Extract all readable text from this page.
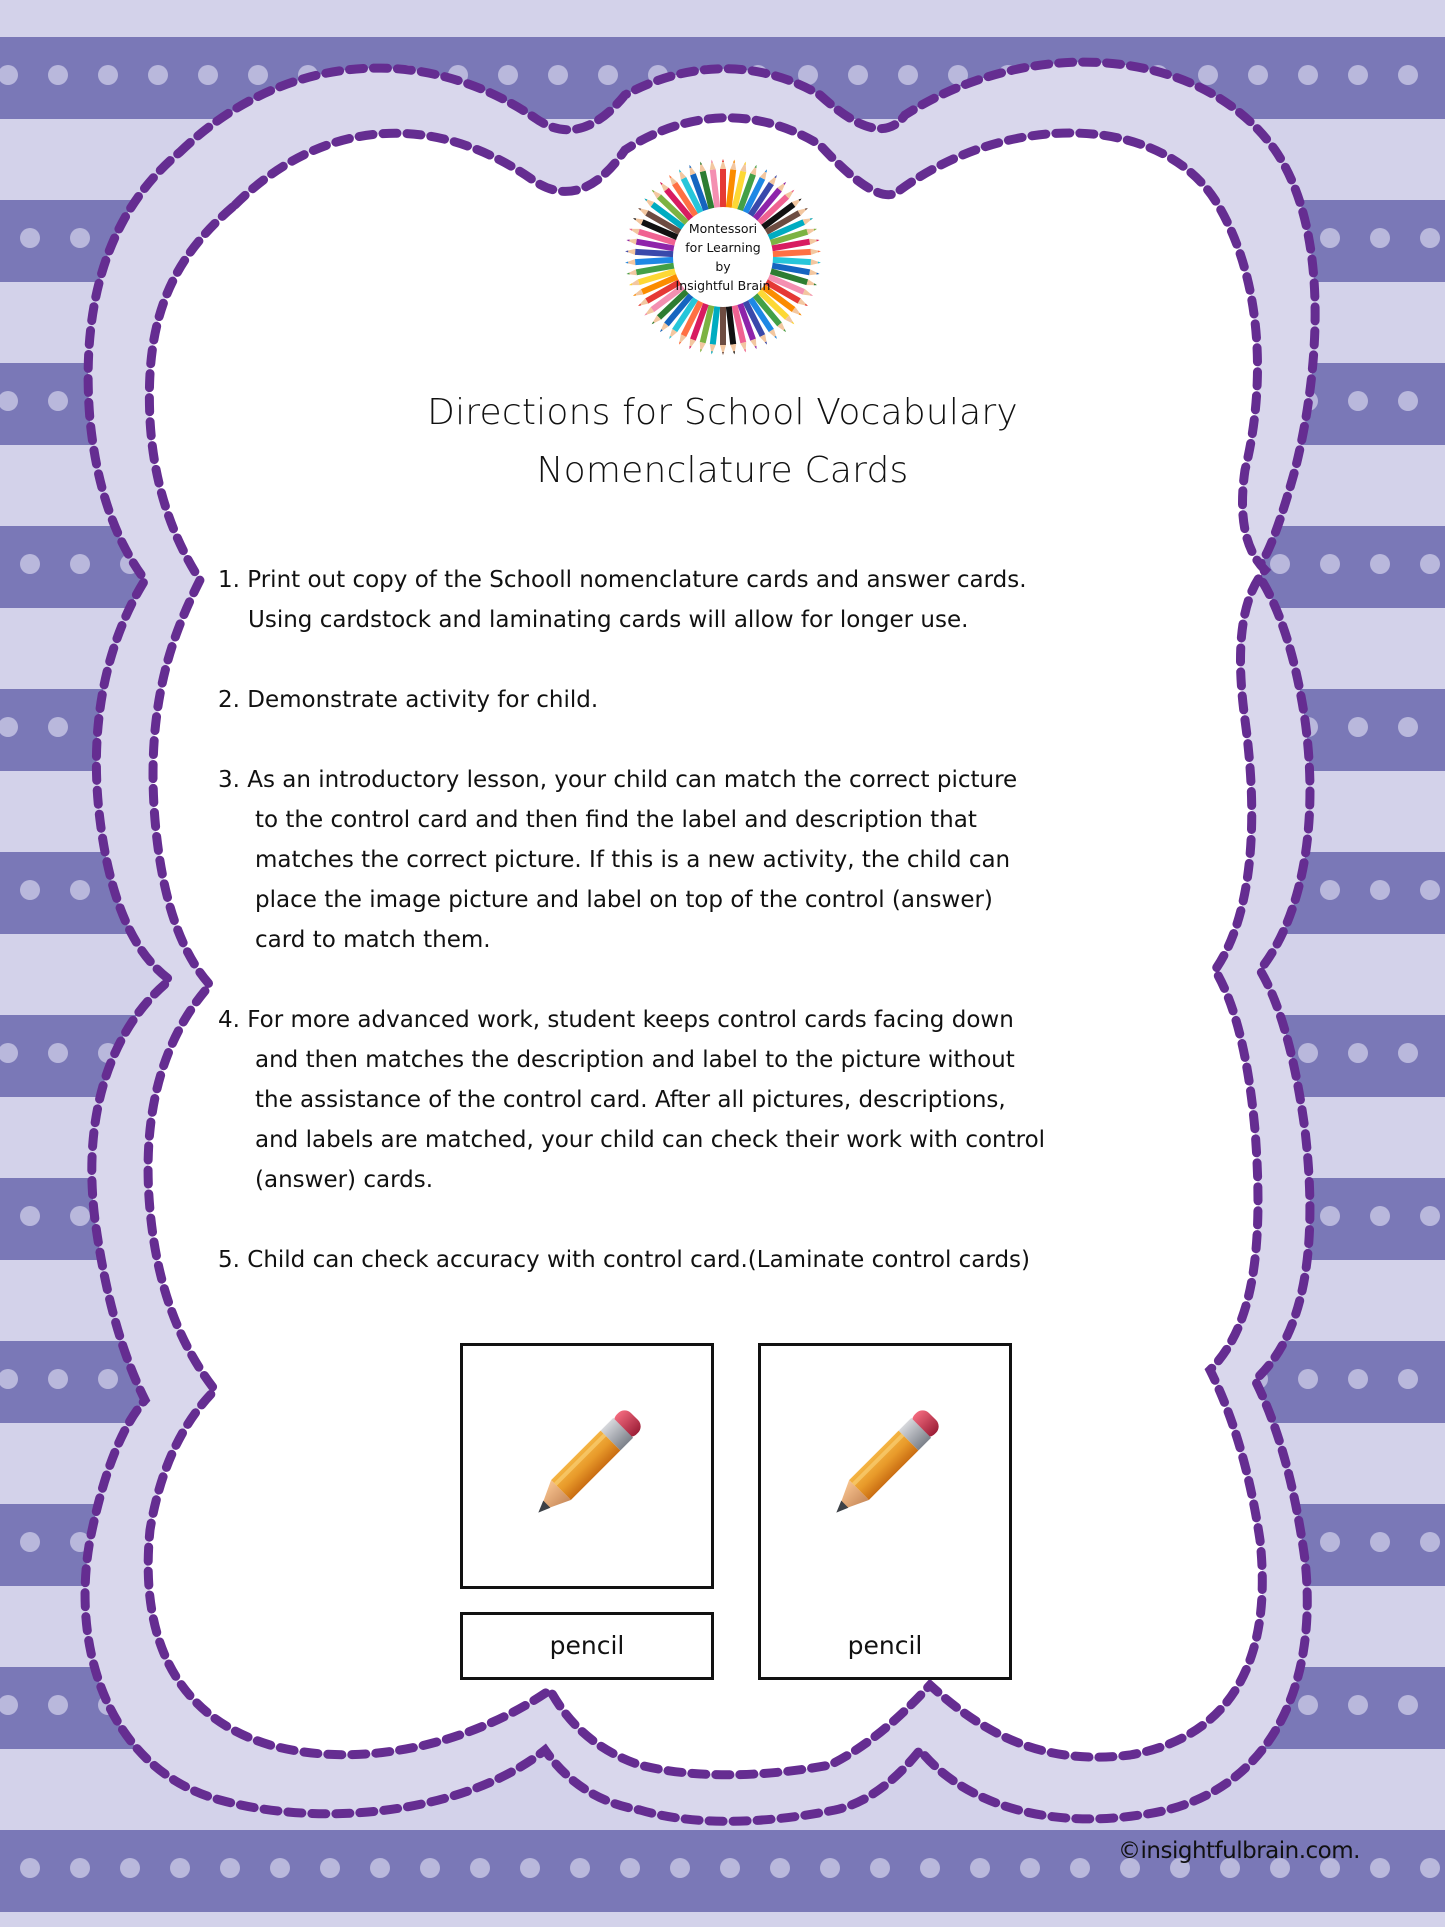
Montessori
for Learning
by
Insightful Brain
Directions for School Vocabulary
Nomenclature Cards
1. Print out copy of the Schooll nomenclature cards and answer cards.
Using cardstock and laminating cards will allow for longer use.
2. Demonstrate activity for child.
3. As an introductory lesson, your child can match the correct picture
to the control card and then find the label and description that
matches the correct picture. If this is a new activity, the child can
place the image picture and label on top of the control (answer)
card to match them.
4. For more advanced work, student keeps control cards facing down
and then matches the description and label to the picture without
the assistance of the control card. After all pictures, descriptions,
and labels are matched, your child can check their work with control
(answer) cards.
5. Child can check accuracy with control card.(Laminate control cards)
pencil	pencil
©insightfulbrain.com.
